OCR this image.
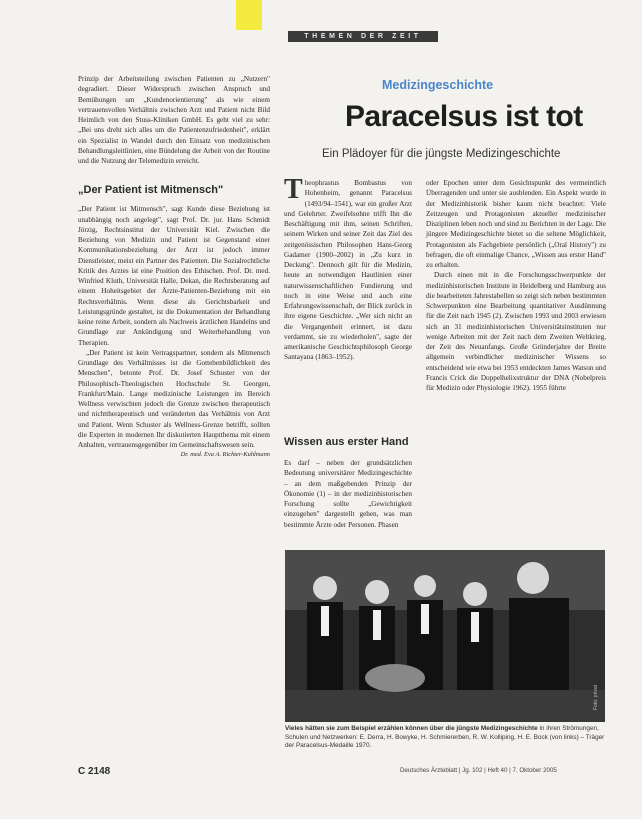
THEMEN DER ZEIT

Prinzip der Arbeitsteilung zwischen Patienten zu „Nutzern" degradiert. Dieser Widerspruch zwischen Anspruch und Bemühungen um „Kundenorientierung" als wie einem vertrauensvollen Verhältnis zwischen Arzt und Patient nicht Bild Heimlich von den Stuss-Kliniken GmbH. Es geht viel zu sehr: „Bei uns dreht sich alles um die Patientenzufriedenheit", erklärt ein Spezialist in Wandel durch den Einsatz von medizinischen Behandlungsleitlinien, eine Bündelung der Arbeit von der Routine und die Nutzung der Telemedizin erreicht.

„Der Patient ist Mitmensch"

„Der Patient ist Mitmensch", sagt Kunde diese Beziehung ist unabhängig noch angelegt", sagt Prof. Dr. jur. Hans Schmidt Jörzig, Rechtsinstitut der Universität Kiel. Zwischen die Beziehung von Medizin und Patient ist Gegenstand einer Kommunikationsbeziehung der Arzt ist jedoch immer Dienstleister, meist ein Partner des Patienten. Die Sozialrechtliche Kritik des Arztes ist eine Position des Ethischen. Prof. Dr. med. Winfried Kluth, Universität Halle, Dekan, die Rechtsberatung auf einem Hoheitsgebiet der Ärzte-Patienten-Beziehung mit ein Rechtsverhältnis. Wenn diese als Gerichtsbarkeit und Leistungsgründe gestaltet, ist die Dokumentation der Behandlung keine reine Arbeit, sondern als Nachweis ärztlichen Handelns und Grundlage zur Ankündigung und Weiterbehandlung von Therapien.

„Der Patient ist kein Vertragspartner, sondern als Mitmensch Grundlage des Verhältnisses ist die Gottebenbildlichkeit des Menschen", betonte Prof. Dr. Josef Schuster von der Philosophisch-Theologischen Hochschule St. Georgen, Frankfurt/Main. Lange medizinische Leistungen im Bereich Wellness verwischten jedoch die Grenze zwischen therapeutisch und nichttherapeutisch und veränderten das Verhältnis von Arzt und Patient. Wenn Schuster als Wellness-Grenze betrifft, sollten die Experten in modernen Ihr diskutierten Hauptthema mit einem Anhalten, vertrauensgegenüber im Gemeinschaftswesen sein.

Dr. med. Eva A. Richter-Kuhlmann

Medizingeschichte
Paracelsus ist tot
Ein Plädoyer für die jüngste Medizingeschichte

Theophrastus Bombastus von Hohenheim, genannt Paracelsus (1493/94–1541), war ein großer Arzt und Gelehrter. Zweifelsohne trifft Ihn die Beschäftigung mit ihm, seinen Schriften, seinem Wirken und seiner Zeit das Ziel des zeitgenössischen Philosophen Hans-Georg Gadamer (1900–2002) in „Zu kurz in Deckung". Dennoch gilt für die Medizin, heute an notwendigen Hautlinien einer naturwissenschaftlichen Fundierung und noch in eine Weise und auch eine Erfahrungswissenschaft, der Blick zurück in ihre eigene Geschichte. „Wer sich nicht an die Vergangenheit erinnert, ist dazu verdammt, sie zu wiederholen", sagte der amerikanische Geschichtsphilosoph George Santayana (1863–1952).

Wissen aus erster Hand
Es darf – neben der grundsätzlichen Bedeutung universitärer Medizingeschichte – an dem maßgebenden Prinzip der Ökonomie (1) – in der medizinhistorischen Forschung sollte „Gewichtigkeit einzugehen" dargestellt gehen, was man bestimmte Ärzte oder Personen. Phasen

oder Epochen unter dem Gesichtspunkt des vermeintlich Überragenden und unter sie ausblenden. Ein Aspekt wurde in der Medizinhistorik bisher kaum nicht beachtet: Viele Zeitzeugen und Protagonisten aktueller medizinischer Disziplinen leben noch und sind zu Berichten in der Lage. Die jüngere Medizingeschichte bietet so die seltene Möglichkeit, Protagonisten als Fachgebiete persönlich („Oral History") zu befragen, die oft einmalige Chance, „Wissen aus erster Hand" zu erhalten.

Durch einen mit in die Forschungsschwerpunkte der medizinhistorischen Institute in Heidelberg und Hamburg aus die bearbeiteten Jahrestabellen so zeigt sich neben bestimmten Schwerpunkten eine Bearbeitung quantitativer Ausdünnung für die Zeit nach 1945 (2). Zwischen 1993 und 2003 erwiesen sich an 31 medizinhistorischen Universitätsinstituten nur wenige Arbeiten mit der Zeit nach dem Zweiten Weltkrieg, der Zeit des Neuanfangs. Große Gründerjahre der Breite allgemein verbindlicher medizinischer Wissens so entscheidend wie etwa bei 1953 entdeckten James Watson und Francis Crick die Doppelhelixstruktur der DNA (Nobelpreis für Medizin oder Physiologie 1962). 1955 führte

Foto: privat
Vieles hätten sie zum Beispiel erzählen können über die jüngste Medizingeschichte in ihren Strömungen, Schulen und Netzwerken: E. Derra, H. Bowyke, H. Schmiererben, R. W. Kolliping, H. E. Bock (von links) – Träger der Paracelsus-Medaille 1970.
C 2148	Deutsches Ärzteblatt | Jg. 102 | Heft 40 | 7. Oktober 2005
